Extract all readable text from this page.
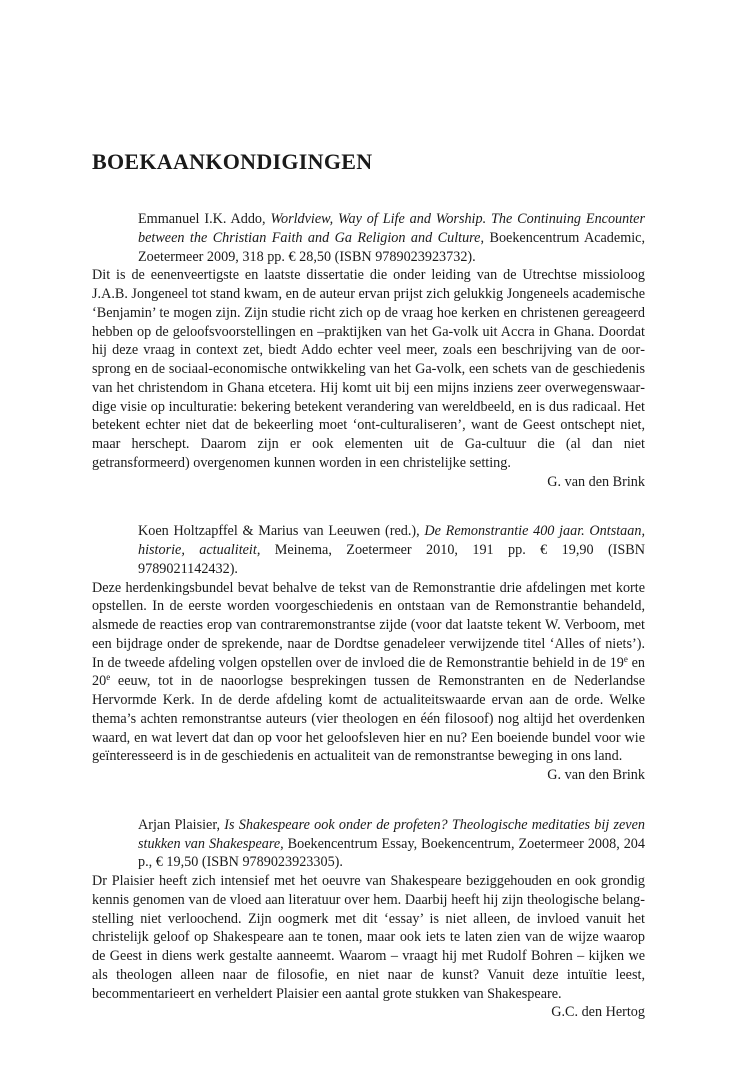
BOEKAANKONDIGINGEN

Emmanuel I.K. Addo, Worldview, Way of Life and Worship. The Continuing Encounter between the Christian Faith and Ga Religion and Culture, Boekencentrum Academic, Zoetermeer 2009, 318 pp. € 28,50 (ISBN 9789023923732).

Dit is de eenenveertigste en laatste dissertatie die onder leiding van de Utrechtse missioloog J.A.B. Jongeneel tot stand kwam, en de auteur ervan prijst zich gelukkig Jongeneels academische ‘Benjamin’ te mogen zijn. Zijn studie richt zich op de vraag hoe kerken en christenen gereageerd hebben op de geloofsvoorstellingen en –praktijken van het Ga-volk uit Accra in Ghana. Doordat hij deze vraag in context zet, biedt Addo echter veel meer, zoals een beschrijving van de oorsprong en de sociaal-economische ontwikkeling van het Ga-volk, een schets van de geschiedenis van het christendom in Ghana etcetera. Hij komt uit bij een mijns inziens zeer overwegenswaardige visie op inculturatie: bekering betekent verandering van wereldbeeld, en is dus radicaal. Het betekent echter niet dat de bekeerling moet ‘ont-culturaliseren’, want de Geest ontschept niet, maar herschept. Daarom zijn er ook elementen uit de Ga-cultuur die (al dan niet getransformeerd) overgenomen kunnen worden in een christelijke setting.

G. van den Brink

Koen Holtzapffel & Marius van Leeuwen (red.), De Remonstrantie 400 jaar. Ontstaan, historie, actualiteit, Meinema, Zoetermeer 2010, 191 pp. € 19,90 (ISBN 9789021142432).

Deze herdenkingsbundel bevat behalve de tekst van de Remonstrantie drie afdelingen met korte opstellen. In de eerste worden voorgeschiedenis en ontstaan van de Remonstrantie behandeld, alsmede de reacties erop van contraremonstrantse zijde (voor dat laatste tekent W. Verboom, met een bijdrage onder de sprekende, naar de Dordtse genadeleer verwijzende titel ‘Alles of niets’). In de tweede afdeling volgen opstellen over de invloed die de Remonstrantie behield in de 19e en 20e eeuw, tot in de naoorlogse besprekingen tussen de Remonstranten en de Nederlandse Hervormde Kerk. In de derde afdeling komt de actualiteitswaarde ervan aan de orde. Welke thema’s achten remonstrantse auteurs (vier theologen en één filosoof) nog altijd het overdenken waard, en wat levert dat dan op voor het geloofsleven hier en nu? Een boeiende bundel voor wie geïnteresseerd is in de geschiedenis en actualiteit van de remonstrantse beweging in ons land.

G. van den Brink

Arjan Plaisier, Is Shakespeare ook onder de profeten? Theologische meditaties bij zeven stukken van Shakespeare, Boekencentrum Essay, Boekencentrum, Zoetermeer 2008, 204 p., € 19,50 (ISBN 9789023923305).

Dr Plaisier heeft zich intensief met het oeuvre van Shakespeare beziggehouden en ook grondig kennis genomen van de vloed aan literatuur over hem. Daarbij heeft hij zijn theologische belangstelling niet verloochend. Zijn oogmerk met dit ‘essay’ is niet alleen, de invloed vanuit het christelijk geloof op Shakespeare aan te tonen, maar ook iets te laten zien van de wijze waarop de Geest in diens werk gestalte aanneemt. Waarom – vraagt hij met Rudolf Bohren – kijken we als theologen alleen naar de filosofie, en niet naar de kunst? Vanuit deze intuïtie leest, becommentarieert en verheldert Plaisier een aantal grote stukken van Shakespeare.

G.C. den Hertog
